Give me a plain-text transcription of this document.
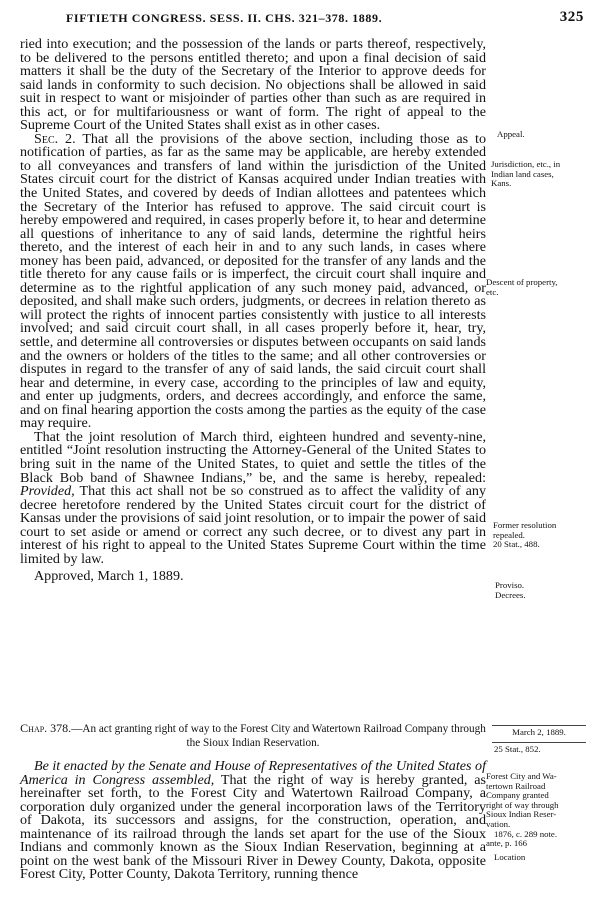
FIFTIETH CONGRESS. SESS. II. CHS. 321–378. 1889.	325

ried into execution; and the possession of the lands or parts thereof, respectively, to be delivered to the persons entitled thereto; and upon a final decision of said matters it shall be the duty of the Secretary of the Interior to approve deeds for said lands in conformity to such decision. No objections shall be allowed in said suit in respect to want or misjoinder of parties other than such as are required in this act, or for multifariousness or want of form. The right of appeal to the Supreme Court of the United States shall exist as in other cases.

Sec. 2. That all the provisions of the above section, including those as to notification of parties, as far as the same may be applicable, are hereby extended to all conveyances and transfers of land within the jurisdiction of the United States circuit court for the district of Kansas acquired under Indian treaties with the United States, and covered by deeds of Indian allottees and patentees which the Secretary of the Interior has refused to approve. The said circuit court is hereby empowered and required, in cases properly before it, to hear and determine all questions of inheritance to any of said lands, determine the rightful heirs thereto, and the interest of each heir in and to any such lands, in cases where money has been paid, advanced, or deposited for the transfer of any lands and the title thereto for any cause fails or is imperfect, the circuit court shall inquire and determine as to the rightful application of any such money paid, advanced, or deposited, and shall make such orders, judgments, or decrees in relation thereto as will protect the rights of innocent parties consistently with justice to all interests involved; and said circuit court shall, in all cases properly before it, hear, try, settle, and determine all controversies or disputes between occupants on said lands and the owners or holders of the titles to the same; and all other controversies or disputes in regard to the transfer of any of said lands, the said circuit court shall hear and determine, in every case, according to the principles of law and equity, and enter up judgments, orders, and decrees accordingly, and enforce the same, and on final hearing apportion the costs among the parties as the equity of the case may require.

That the joint resolution of March third, eighteen hundred and seventy-nine, entitled “Joint resolution instructing the Attorney-General of the United States to bring suit in the name of the United States, to quiet and settle the titles of the Black Bob band of Shawnee Indians,” be, and the same is hereby, repealed: Provided, That this act shall not be so construed as to affect the validity of any decree heretofore rendered by the United States circuit court for the district of Kansas under the provisions of said joint resolution, or to impair the power of said court to set aside or amend or correct any such decree, or to divest any part in interest of his right to appeal to the United States Supreme Court within the time limited by law.

Approved, March 1, 1889.

Chap. 378.—An act granting right of way to the Forest City and Watertown Railroad Company through the Sioux Indian Reservation.

Be it enacted by the Senate and House of Representatives of the United States of America in Congress assembled, That the right of way is hereby granted, as hereinafter set forth, to the Forest City and Watertown Railroad Company, a corporation duly organized under the general incorporation laws of the Territory of Dakota, its successors and assigns, for the construction, operation, and maintenance of its railroad through the lands set apart for the use of the Sioux Indians and commonly known as the Sioux Indian Reservation, beginning at a point on the west bank of the Missouri River in Dewey County, Dakota, opposite Forest City, Potter County, Dakota Territory, running thence

Appeal.
Jurisdiction, etc., in
Indian land cases,
Kans.
Descent of property,
etc.
Former resolution
repealed.
20 Stat., 488.
Proviso.
Decrees.
March 2, 1889.
25 Stat., 852.
Forest City and Wa-
tertown Railroad
Company granted
right of way through
Sioux Indian Reser-
vation.
1876, c. 289 note.
ante, p. 166
Location
